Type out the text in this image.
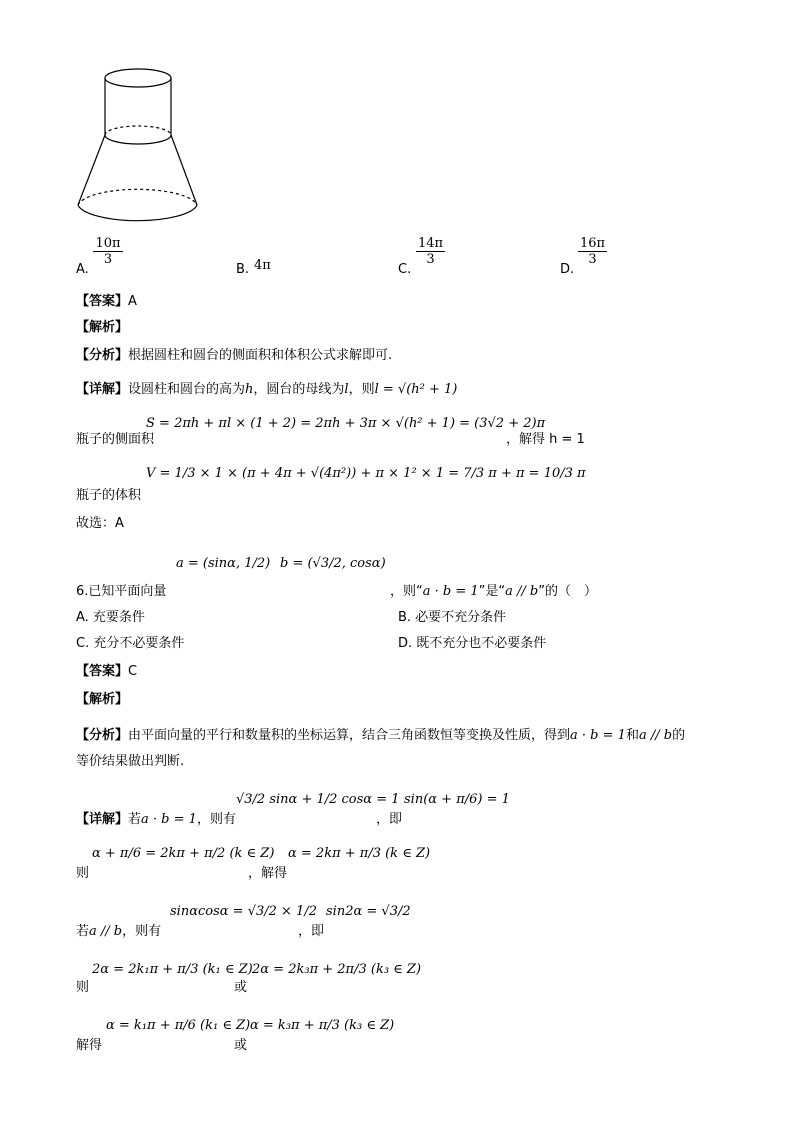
A.
$\frac{10\pi}{3}$
B. 4π	C.
$\frac{14\pi}{3}$
D.
$\frac{16\pi}{3}$
【答案】A
【解析】
【分析】根据圆柱和圆台的侧面积和体积公式求解即可.
【详解】设圆柱和圆台的高为h，圆台的母线为l，则l = √(h² + 1)
瓶子的侧面积
S = 2πh + πl × (1 + 2) = 2πh + 3π × √(h² + 1) = (3√2 + 2)π
，解得 h = 1
瓶子的体积
V = 1/3 × 1 × (π + 4π + √(4π²)) + π × 1² × 1 = 7/3 π + π = 10/3 π
故选：A
6.已知平面向量
a = (sinα, 1/2) b = (√3/2, cosα)
，则“a · b = 1”是“a // b”的（　）
A. 充要条件	B. 必要不充分条件
C. 充分不必要条件	D. 既不充分也不必要条件
【答案】C
【解析】
【分析】由平面向量的平行和数量积的坐标运算，结合三角函数恒等变换及性质，得到a · b = 1和a // b的
等价结果做出判断.
【详解】若a · b = 1，则有
√3/2 sinα + 1/2 cosα = 1
，即
sin(α + π/6) = 1
则
α + π/6 = 2kπ + π/2 (k ∈ Z)
，解得
α = 2kπ + π/3 (k ∈ Z)
若a // b，则有
sinαcosα = √3/2 × 1/2
，即
sin2α = √3/2
则
2α = 2k₁π + π/3 (k₁ ∈ Z)
或
2α = 2k₃π + 2π/3 (k₃ ∈ Z)
解得
α = k₁π + π/6 (k₁ ∈ Z)
或
α = k₃π + π/3 (k₃ ∈ Z)
